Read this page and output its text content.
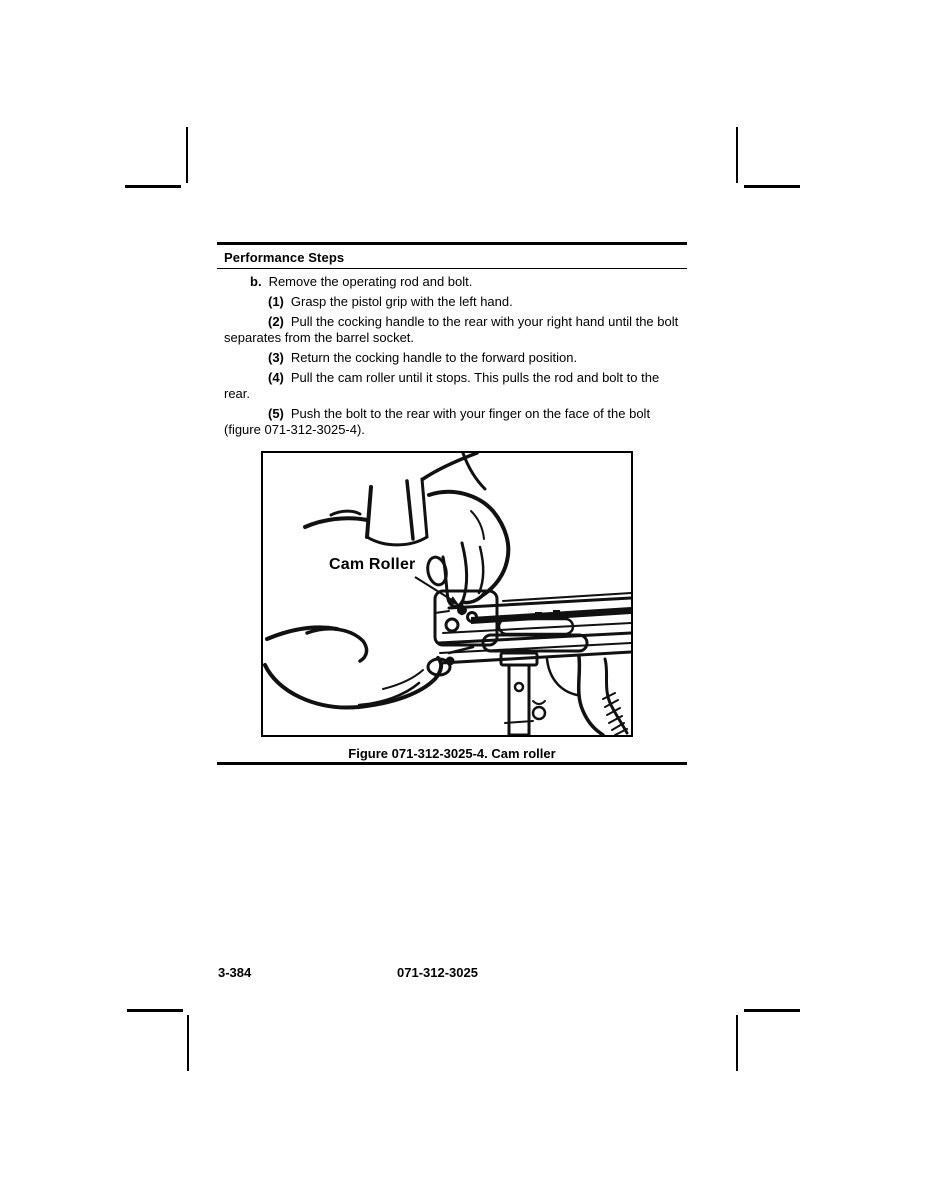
Performance Steps

b. Remove the operating rod and bolt.

(1) Grasp the pistol grip with the left hand.

(2) Pull the cocking handle to the rear with your right hand until the bolt separates from the barrel socket.

(3) Return the cocking handle to the forward position.

(4) Pull the cam roller until it stops. This pulls the rod and bolt to the rear.

(5) Push the bolt to the rear with your finger on the face of the bolt (figure 071-312-3025-4).

Cam Roller
Figure 071-312-3025-4. Cam roller
3-384	071-312-3025
